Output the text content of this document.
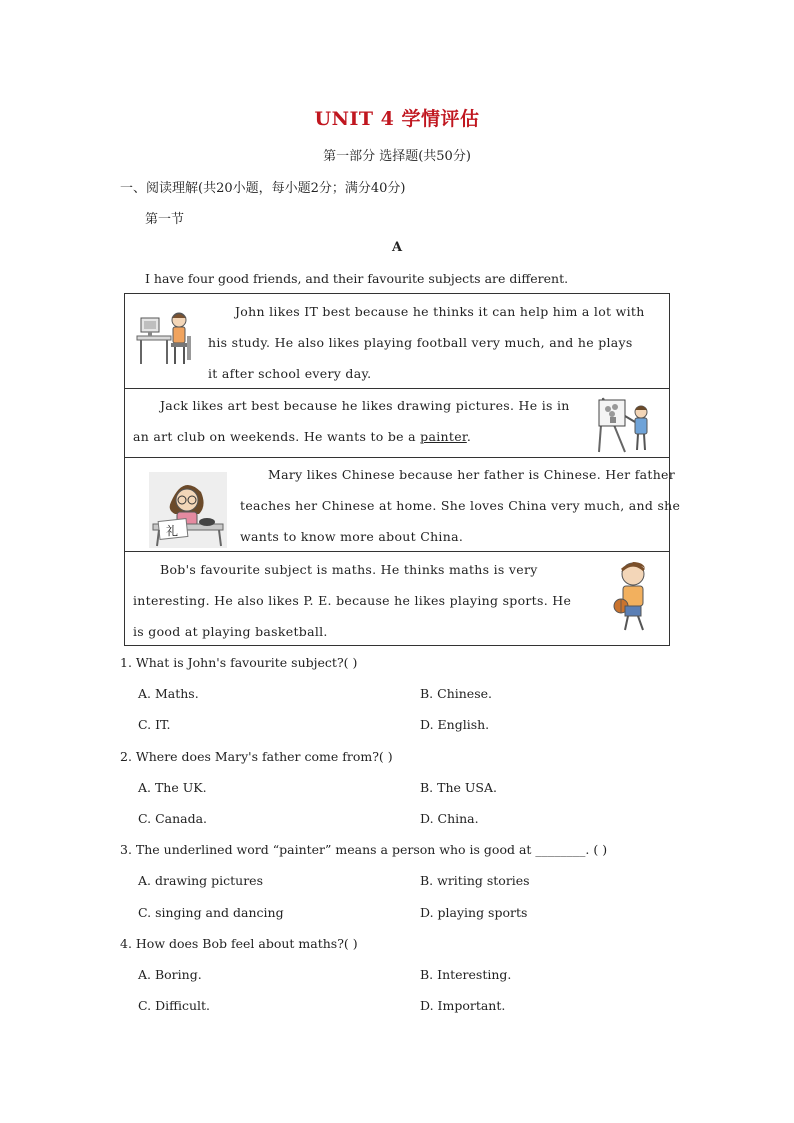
UNIT 4 学情评估
第一部分 选择题(共50分)
一、阅读理解(共20小题，每小题2分；满分40分)
第一节
A
I have four good friends, and their favourite subjects are different.
John likes IT best because he thinks it can help him a lot with
his study. He also likes playing football very much, and he plays
it after school every day.
Jack likes art best because he likes drawing pictures. He is in
an art club on weekends. He wants to be a painter.
礼
Mary likes Chinese because her father is Chinese. Her father
teaches her Chinese at home. She loves China very much, and she
wants to know more about China.
Bob's favourite subject is maths. He thinks maths is very
interesting. He also likes P. E. because he likes playing sports. He
is good at playing basketball.
1. What is John's favourite subject?( )
A. Maths.	B. Chinese.
C. IT.	D. English.
2. Where does Mary's father come from?( )
A. The UK.	B. The USA.
C. Canada.	D. China.
3. The underlined word “painter” means a person who is good at ________. ( )
A. drawing pictures	B. writing stories
C. singing and dancing	D. playing sports
4. How does Bob feel about maths?( )
A. Boring.	B. Interesting.
C. Difficult.	D. Important.
